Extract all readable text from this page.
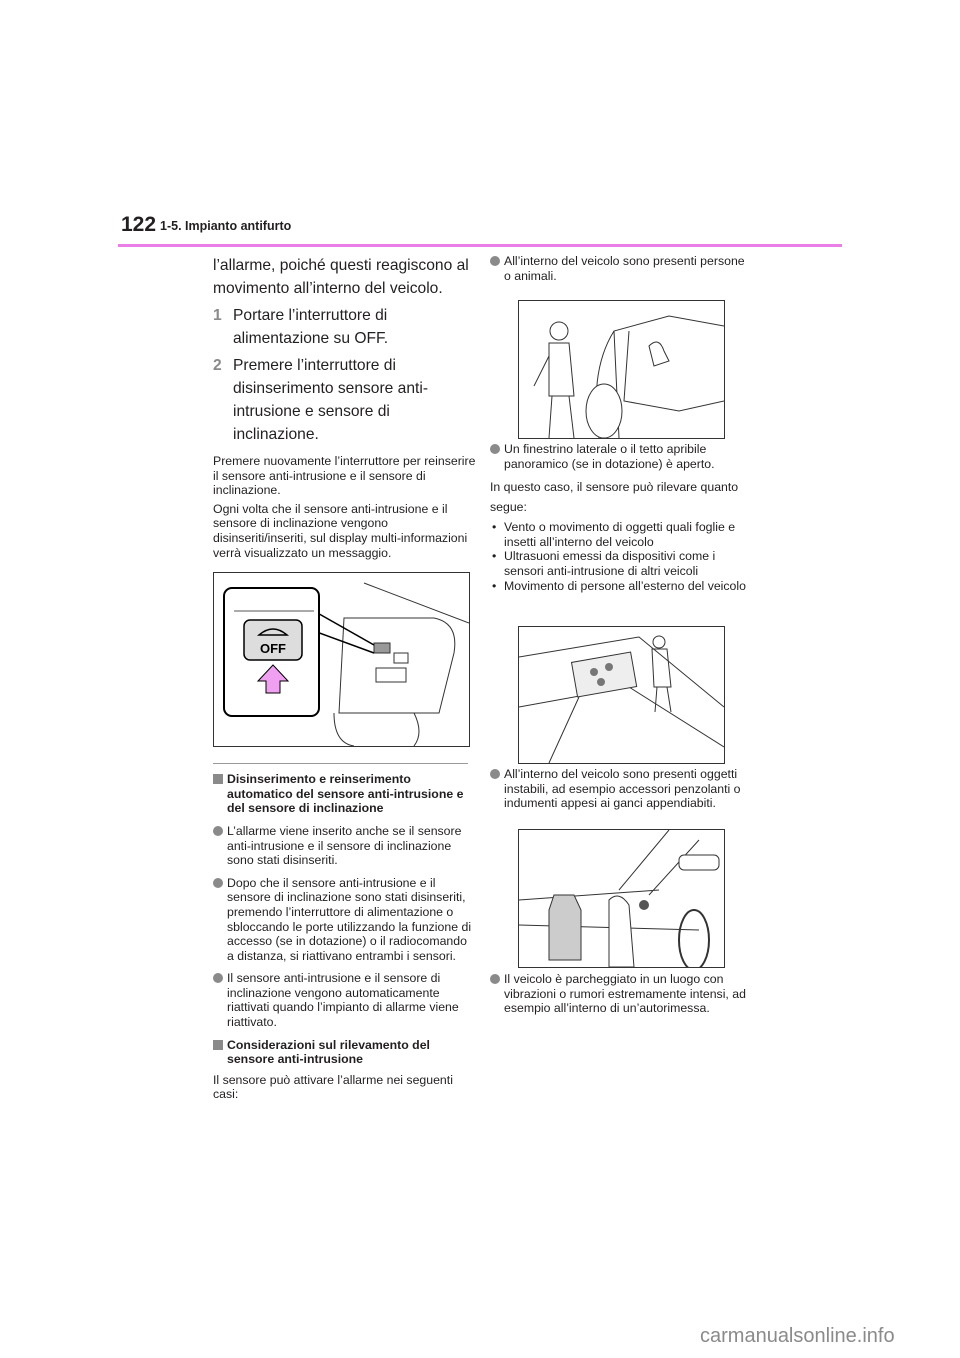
122 1-5. Impianto antifurto

l’allarme, poiché questi reagiscono al movimento all’interno del veicolo.

1 Portare l’interruttore di alimentazione su OFF.
2 Premere l’interruttore di disinserimento sensore anti-intrusione e sensore di inclinazione.

Premere nuovamente l’interruttore per reinserire il sensore anti-intrusione e il sensore di inclinazione.

Ogni volta che il sensore anti-intrusione e il sensore di inclinazione vengono disinseriti/inseriti, sul display multi-informazioni verrà visualizzato un messaggio.

OFF
Disinserimento e reinserimento automatico del sensore anti-intrusione e del sensore di inclinazione
L’allarme viene inserito anche se il sensore anti-intrusione e il sensore di inclinazione sono stati disinseriti.
Dopo che il sensore anti-intrusione e il sensore di inclinazione sono stati disinseriti, premendo l’interruttore di alimentazione o sbloccando le porte utilizzando la funzione di accesso (se in dotazione) o il radiocomando a distanza, si riattivano entrambi i sensori.
Il sensore anti-intrusione e il sensore di inclinazione vengono automaticamente riattivati quando l’impianto di allarme viene riattivato.
Considerazioni sul rilevamento del sensore anti-intrusione

Il sensore può attivare l’allarme nei seguenti casi:

All’interno del veicolo sono presenti persone o animali.
Un finestrino laterale o il tetto apribile panoramico (se in dotazione) è aperto.

In questo caso, il sensore può rilevare quanto segue:

• Vento o movimento di oggetti quali foglie e insetti all’interno del veicolo
• Ultrasuoni emessi da dispositivi come i sensori anti-intrusione di altri veicoli
• Movimento di persone all’esterno del veicolo
All’interno del veicolo sono presenti oggetti instabili, ad esempio accessori penzolanti o indumenti appesi ai ganci appendiabiti.
Il veicolo è parcheggiato in un luogo con vibrazioni o rumori estremamente intensi, ad esempio all’interno di un’autorimessa.
carmanualsonline.info
